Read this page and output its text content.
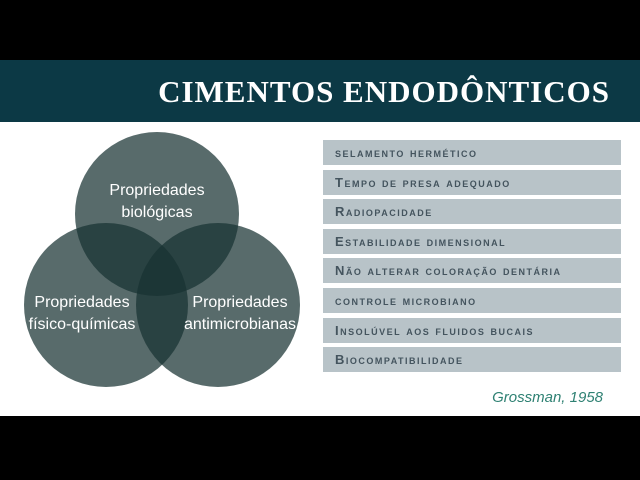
CIMENTOS ENDODÔNTICOS
Propriedades
biológicas
Propriedades
físico-químicas
Propriedades
antimicrobianas
selamento hermético
Tempo de presa adequado
Radiopacidade
Estabilidade dimensional
Não alterar coloração dentária
controle microbiano
Insolúvel aos fluidos bucais
Biocompatibilidade
Grossman, 1958
